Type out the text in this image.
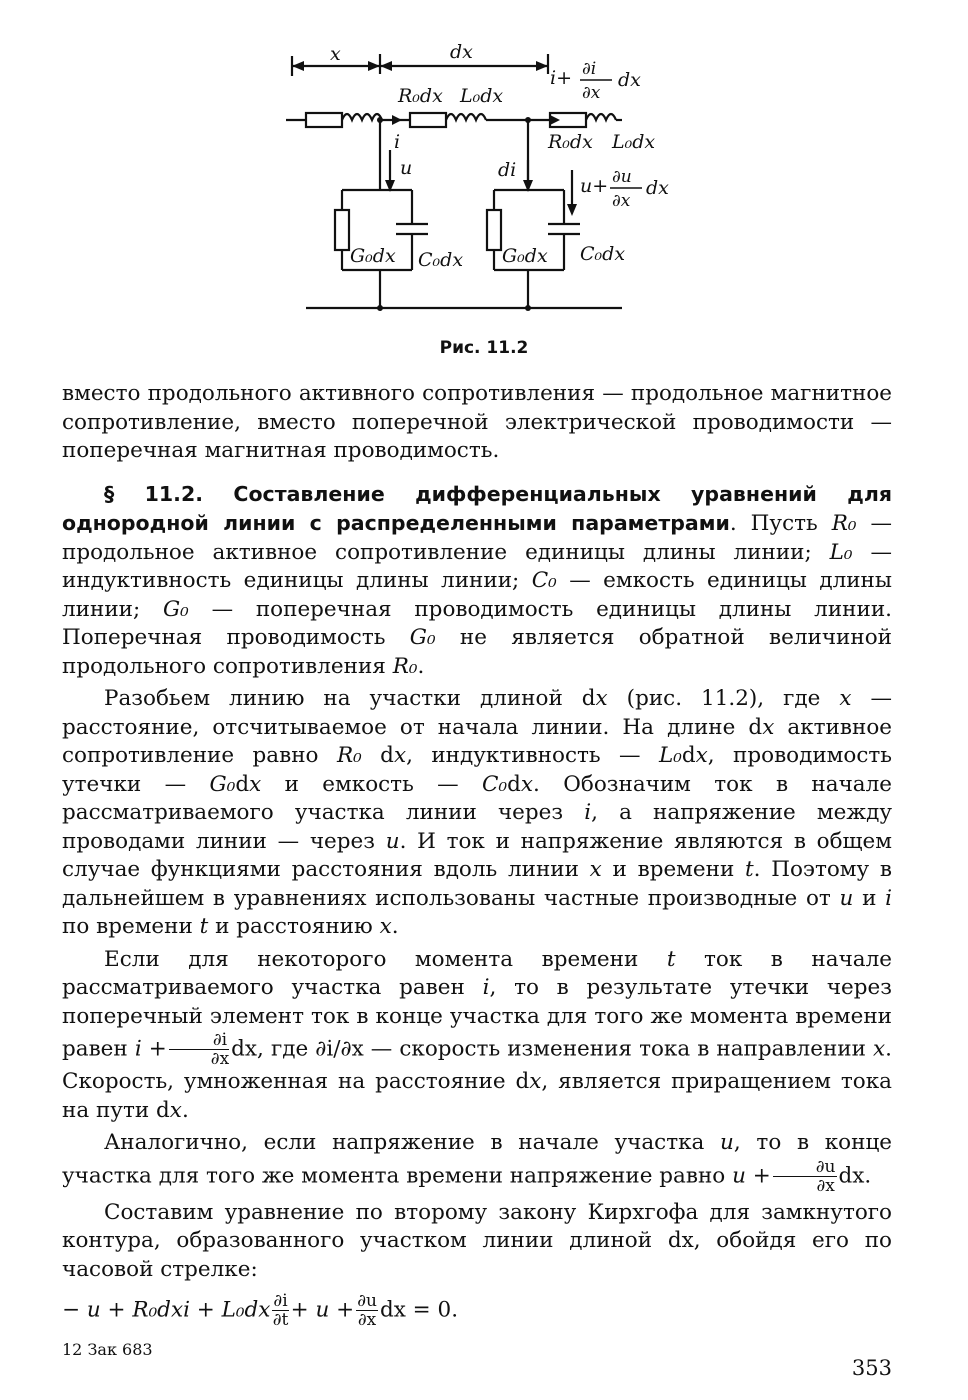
x	dx
R₀dx L₀dx
i+ ∂i
∂x
dx
i
u	di
R₀dx L₀dx
u+ ∂u
∂x
dx
G₀dx C₀dx G₀dx C₀dx
Рис. 11.2

вместо продольного активного сопротивления — продольное магнитное сопротивление, вместо поперечной электрической проводимости — поперечная магнитная проводимость.

§ 11.2. Составление дифференциальных уравнений для однородной линии с распределенными параметрами. Пусть R₀ — продольное активное сопротивление единицы длины линии; L₀ — индуктивность единицы длины линии; C₀ — емкость единицы длины линии; G₀ — поперечная проводимость единицы длины линии. Поперечная проводимость G₀ не является обратной величиной продольного сопротивления R₀.

Разобьем линию на участки длиной dx (рис. 11.2), где x — расстояние, отсчитываемое от начала линии. На длине dx активное сопротивление равно R₀ dx, индуктивность — L₀dx, проводимость утечки — G₀dx и емкость — C₀dx. Обозначим ток в начале рассматриваемого участка линии через i, а напряжение между проводами линии — через u. И ток и напряжение являются в общем случае функциями расстояния вдоль линии x и времени t. Поэтому в дальнейшем в уравнениях использованы частные производные от u и i по времени t и расстоянию x.

Если для некоторого момента времени t ток в начале рассматриваемого участка равен i, то в результате утечки через поперечный элемент ток в конце участка для того же момента времени равен $i + \frac{\partial i}{\partial x}$ dx, где ∂i/∂x — скорость изменения тока в направлении x. Скорость, умноженная на расстояние dx, является приращением тока на пути dx.

Аналогично, если напряжение в начале участка u, то в конце участка для того же момента времени напряжение равно $u + \frac{\partial u}{\partial x}$ dx.

Составим уравнение по второму закону Кирхгофа для замкнутого контура, образованного участком линии длиной dx, обойдя его по часовой стрелке:

− $u + R_0dxi + L_0dx \frac{\partial i}{\partial t} + u + \frac{\partial u}{\partial x}$ dx = 0.

12 Зак 683
353
